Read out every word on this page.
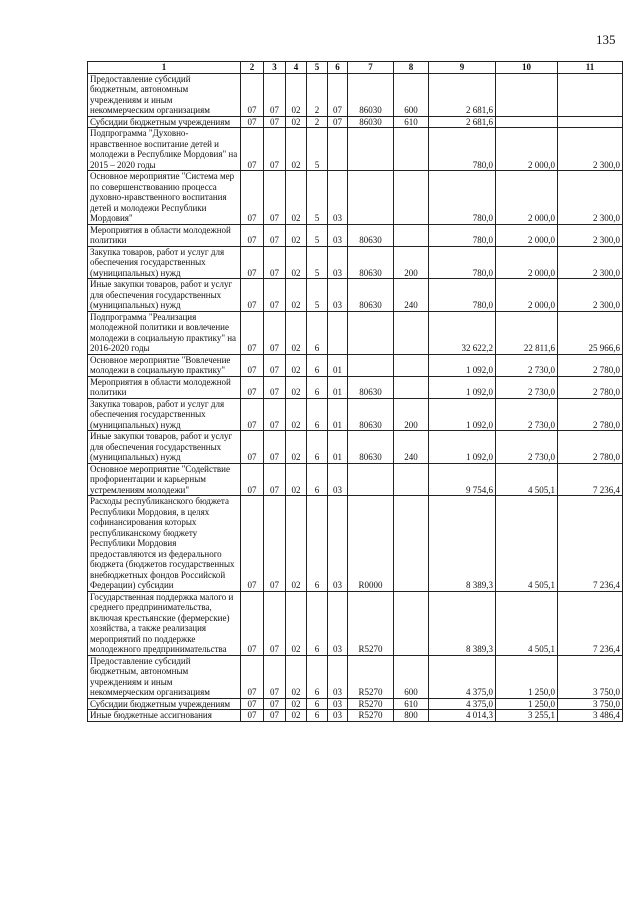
135
1	2	3	4	5	6	7	8	9	10	11
Предоставление субсидий бюджетным, автономным учреждениям и иным некоммерческим организациям	07	07	02	2	07	86030	600	2 681,6		
Субсидии бюджетным учреждениям	07	07	02	2	07	86030	610	2 681,6		
Подпрограмма "Духовно-нравственное воспитание детей и молодежи в Республике Мордовия" на 2015 – 2020 годы	07	07	02	5				780,0	2 000,0	2 300,0
Основное мероприятие "Система мер по совершенствованию процесса духовно-нравственного воспитания детей и молодежи Республики Мордовия"	07	07	02	5	03			780,0	2 000,0	2 300,0
Мероприятия в области молодежной политики	07	07	02	5	03	80630		780,0	2 000,0	2 300,0
Закупка товаров, работ и услуг для обеспечения государственных (муниципальных) нужд	07	07	02	5	03	80630	200	780,0	2 000,0	2 300,0
Иные закупки товаров, работ и услуг для обеспечения государственных (муниципальных) нужд	07	07	02	5	03	80630	240	780,0	2 000,0	2 300,0
Подпрограмма "Реализация молодежной политики и вовлечение молодежи в социальную практику" на 2016-2020 годы	07	07	02	6				32 622,2	22 811,6	25 966,6
Основное мероприятие "Вовлечение молодежи в социальную практику"	07	07	02	6	01			1 092,0	2 730,0	2 780,0
Мероприятия в области молодежной политики	07	07	02	6	01	80630		1 092,0	2 730,0	2 780,0
Закупка товаров, работ и услуг для обеспечения государственных (муниципальных) нужд	07	07	02	6	01	80630	200	1 092,0	2 730,0	2 780,0
Иные закупки товаров, работ и услуг для обеспечения государственных (муниципальных) нужд	07	07	02	6	01	80630	240	1 092,0	2 730,0	2 780,0
Основное мероприятие "Содействие профориентации и карьерным устремлениям молодежи"	07	07	02	6	03			9 754,6	4 505,1	7 236,4
Расходы республиканского бюджета Республики Мордовия, в целях софинансирования которых республиканскому бюджету Республики Мордовия предоставляются из федерального бюджета (бюджетов государственных внебюджетных фондов Российской Федерации) субсидии	07	07	02	6	03	R0000		8 389,3	4 505,1	7 236,4
Государственная поддержка малого и среднего предпринимательства, включая крестьянские (фермерские) хозяйства, а также реализация мероприятий по поддержке молодежного предпринимательства	07	07	02	6	03	R5270		8 389,3	4 505,1	7 236,4
Предоставление субсидий бюджетным, автономным учреждениям и иным некоммерческим организациям	07	07	02	6	03	R5270	600	4 375,0	1 250,0	3 750,0
Субсидии бюджетным учреждениям	07	07	02	6	03	R5270	610	4 375,0	1 250,0	3 750,0
Иные бюджетные ассигнования	07	07	02	6	03	R5270	800	4 014,3	3 255,1	3 486,4
